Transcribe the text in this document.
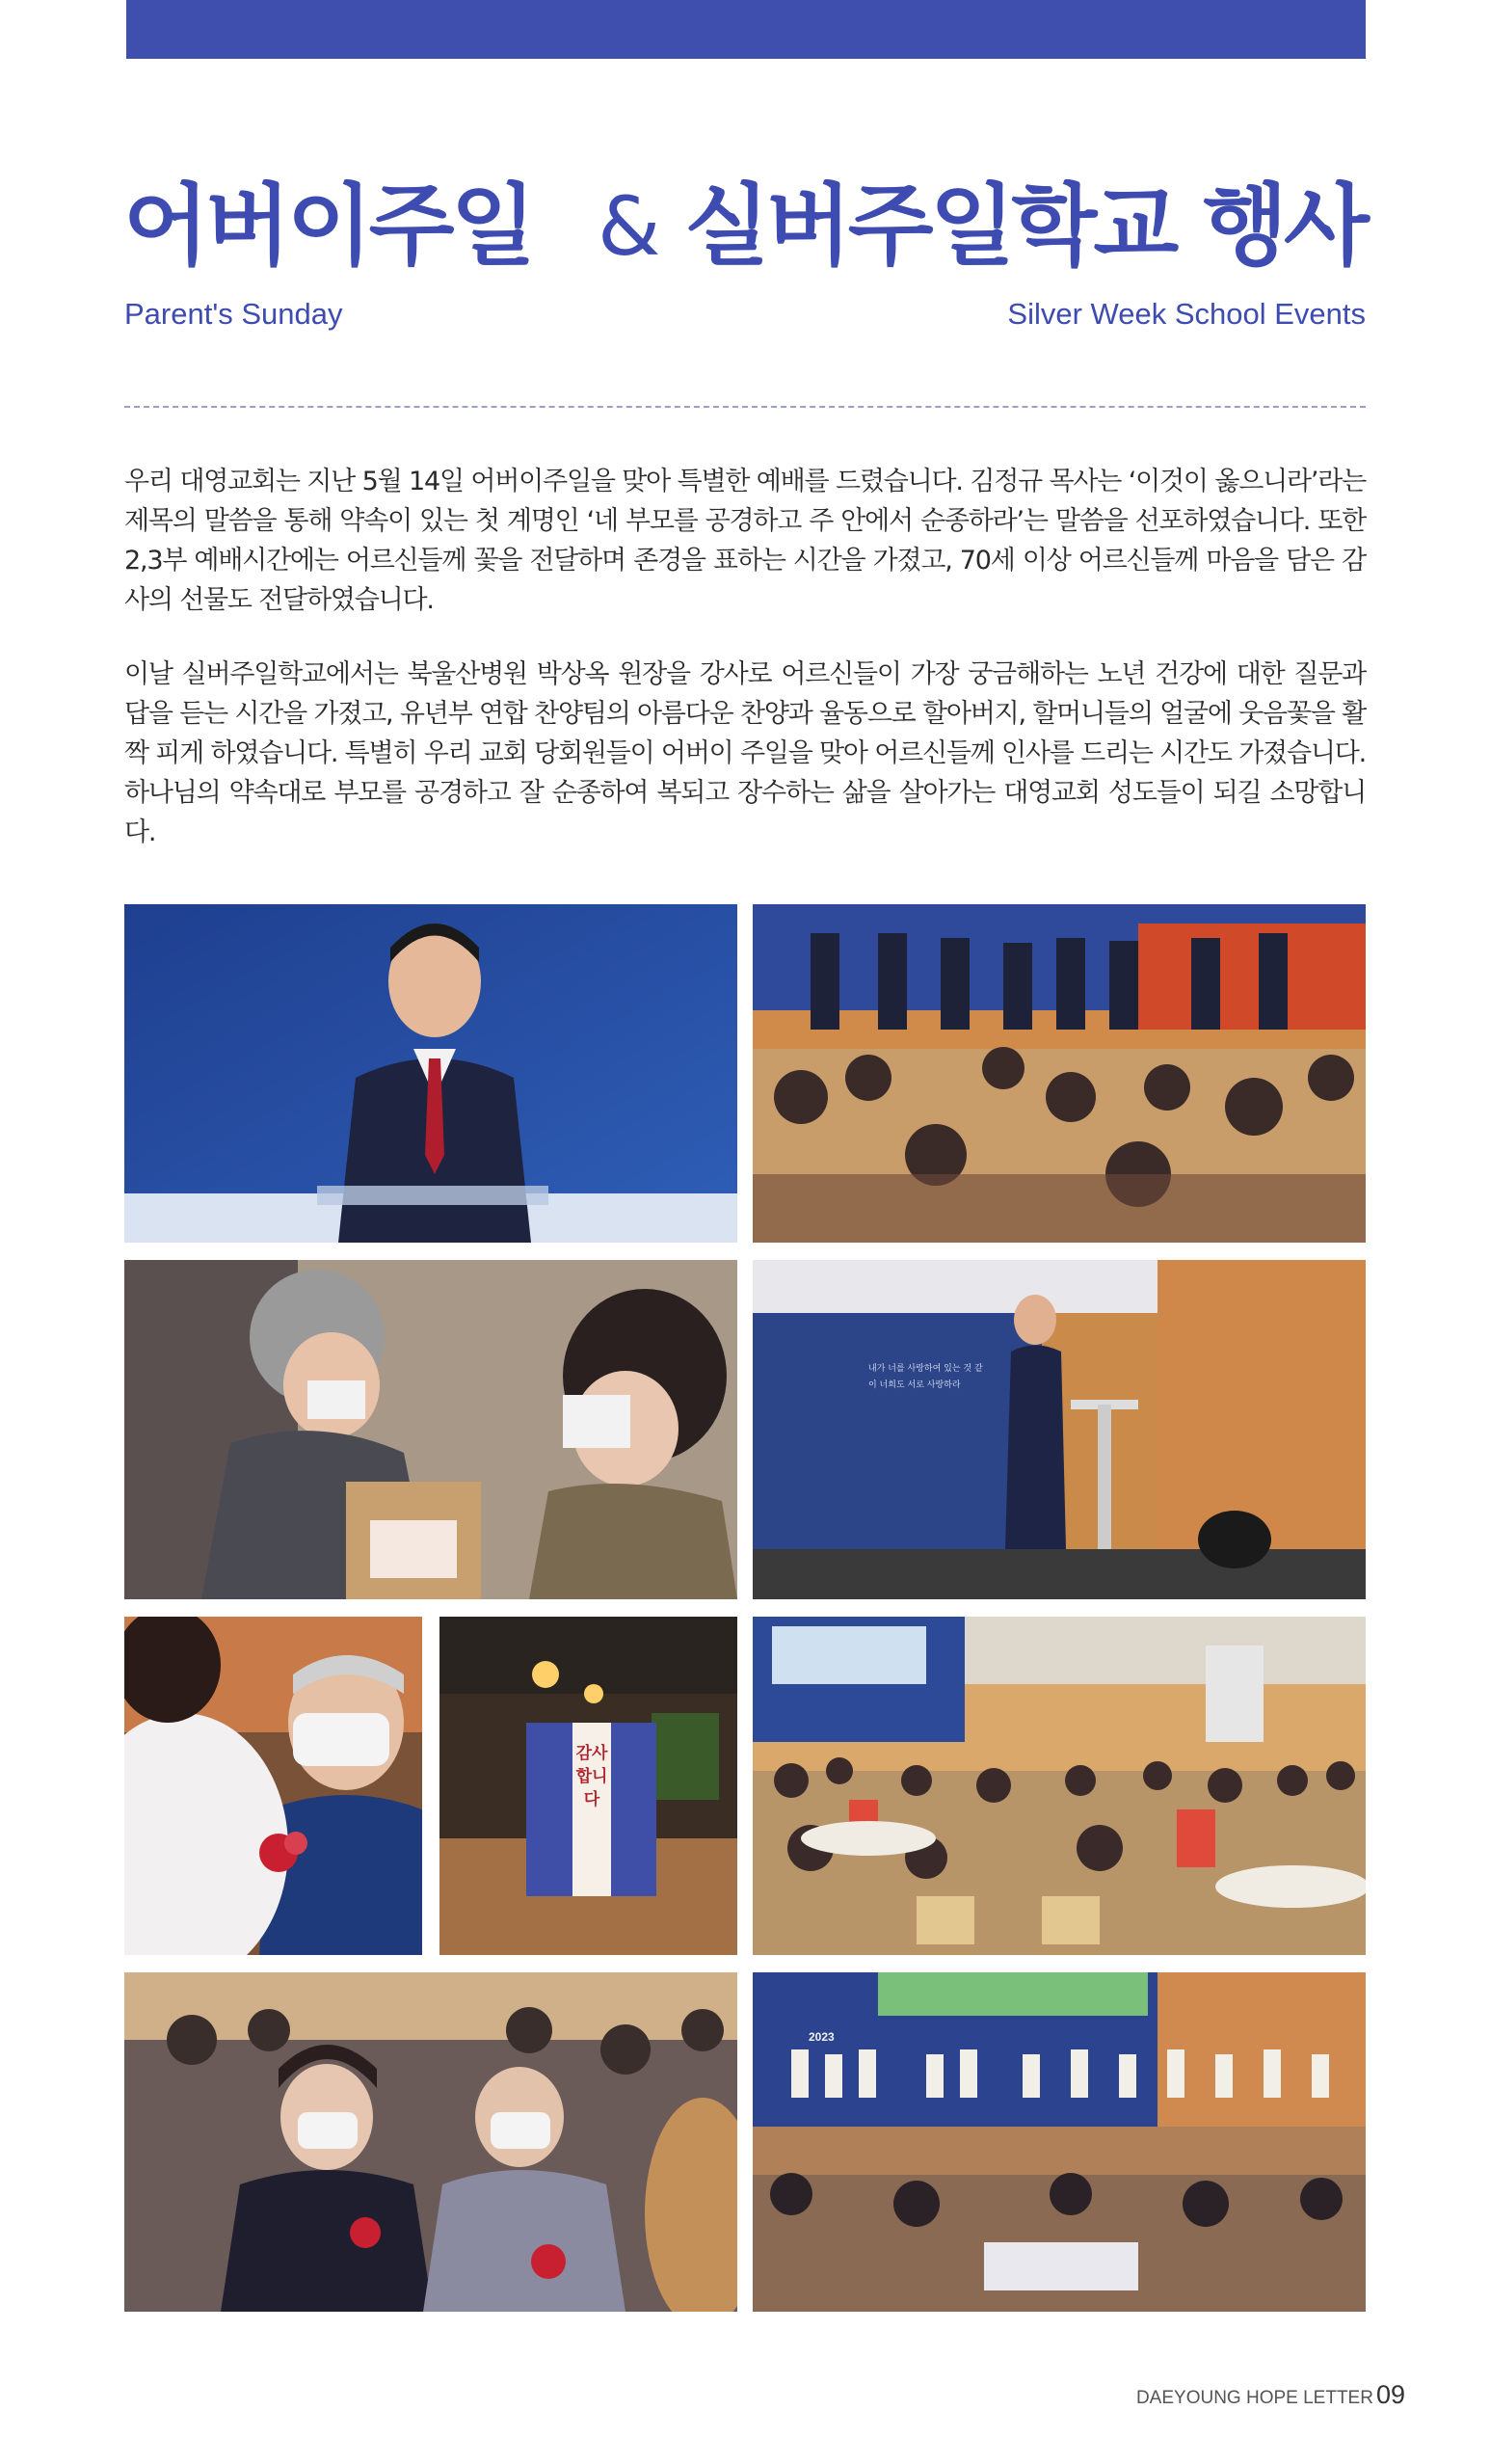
어버이주일 & 실버주일학교 행사
Parent's Sunday	Silver Week School Events

우리 대영교회는 지난 5월 14일 어버이주일을 맞아 특별한 예배를 드렸습니다. 김정규 목사는 ‘이것이 옳으니라’라는 제목의 말씀을 통해 약속이 있는 첫 계명인 ‘네 부모를 공경하고 주 안에서 순종하라’는 말씀을 선포하였습니다. 또한 2,3부 예배시간에는 어르신들께 꽃을 전달하며 존경을 표하는 시간을 가졌고, 70세 이상 어르신들께 마음을 담은 감사의 선물도 전달하였습니다.

이날 실버주일학교에서는 북울산병원 박상옥 원장을 강사로 어르신들이 가장 궁금해하는 노년 건강에 대한 질문과 답을 듣는 시간을 가졌고, 유년부 연합 찬양팀의 아름다운 찬양과 율동으로 할아버지, 할머니들의 얼굴에 웃음꽃을 활짝 피게 하였습니다. 특별히 우리 교회 당회원들이 어버이 주일을 맞아 어르신들께 인사를 드리는 시간도 가졌습니다. 하나님의 약속대로 부모를 공경하고 잘 순종하여 복되고 장수하는 삶을 살아가는 대영교회 성도들이 되길 소망합니다.

내가 너를 사랑하여 있는 것 같이 너희도 서로 사랑하라
감사합니다
2023
DAEYOUNG HOPE LETTER 09
